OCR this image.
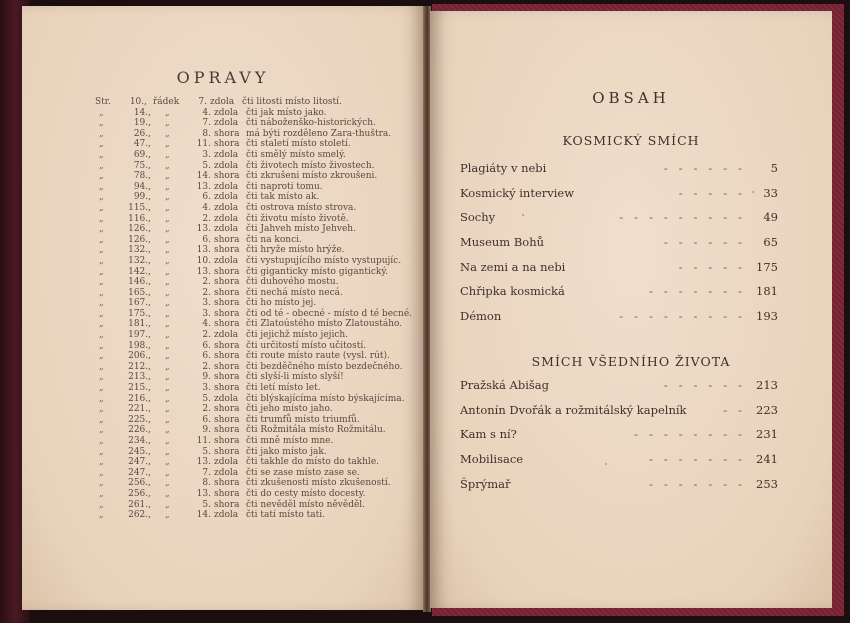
OPRAVY
Str.	10., řádek	7. zdola čti litosti místo litostí.
„	14.,	„	4. zdola čti jak místo jako.
„	19.,	„	7. zdola čti náboženško-historických.
„	26.,	„	8. shora má býti rozděleno Zara-thuštra.
„	47.,	„	11. shora čti staletí místo století.
„	69.,	„	3. zdola čti smělý místo smelý.
„	75.,	„	5. zdola čti životech místo živostech.
„	78.,	„	14. shora čti zkrušeni místo zkroušeni.
„	94.,	„	13. zdola čti naproti tomu.
„	99.,	„	6. zdola čti tak místo ak.
„	115.,	„	4. zdola čti ostrova místo strova.
„	116.,	„	2. zdola čti životu místo životě.
„	126.,	„	13. zdola čti Jahveh místo Jehveh.
„	126.,	„	6. shora čti na konci.
„	132.,	„	13. shora čti hryže místo hrýže.
„	132.,	„	10. zdola čti vystupujícího místo vystupujíc.
„	142.,	„	13. shora čti giganticky místo gigantický.
„	146.,	„	2. shora čti duhového mostu.
„	165.,	„	2. shora čti nechá místo necá.
„	167.,	„	3. shora čti ho místo jej.
„	175.,	„	3. shora čti od té - obecné - místo d té becné.
„	181.,	„	4. shora čti Zlatoústého místo Zlatoustáho.
„	197.,	„	2. zdola čti jejichž místo jejich.
„	198.,	„	6. shora čti určitostí místo učitostí.
„	206.,	„	6. shora čti route místo raute (vysl. rút).
„	212.,	„	2. shora čti bezděčného místo bezdečného.
„	213.,	„	9. shora čti slyší-li místo slyší!
„	215.,	„	3. shora čti letí místo let.
„	216.,	„	5. zdola čti blýskajícíma místo býskajícíma.
„	221.,	„	2. shora čti jeho místo jaho.
„	225.,	„	6. shora čti trumfů místo triumfů.
„	226.,	„	9. shora čti Rožmitála místo Rožmitálu.
„	234.,	„	11. shora čti mně místo mne.
„	245.,	„	5. shora čti jako místo jak.
„	247.,	„	13. zdola čti takhle do místo do takhle.
„	247.,	„	7. zdola čti se zase místo zase se.
„	256.,	„	8. shora čti zkušenosti místo zkušeností.
„	256.,	„	13. shora čti do cesty místo docesty.
„	261.,	„	5. shora čti nevěděl místo něvěděl.
„	262.,	„	14. zdola čti tatí místo tati.
OBSAH
KOSMICKÝ SMÍCH
Plagiáty v nebi	-   -   -   -   -   -	5
Kosmický interview	-   -   -   -   -	33
Sochy	-   -   -   -   -   -   -   -   -	49
Museum Bohů	-   -   -   -   -   -	65
Na zemi a na nebi	-   -   -   -   -	175
Chřipka kosmická	-   -   -   -   -   -   -	181
Démon	-   -   -   -   -   -   -   -   -	193
SMÍCH VŠEDNÍHO ŽIVOTA
Pražská Abišag	-   -   -   -   -   -	213
Antonín Dvořák a rožmitálský kapelník	-   -	223
Kam s ní?	-   -   -   -   -   -   -   -	231
Mobilisace	-   -   -   -   -   -   -	241
Šprýmař	-   -   -   -   -   -   -	253
